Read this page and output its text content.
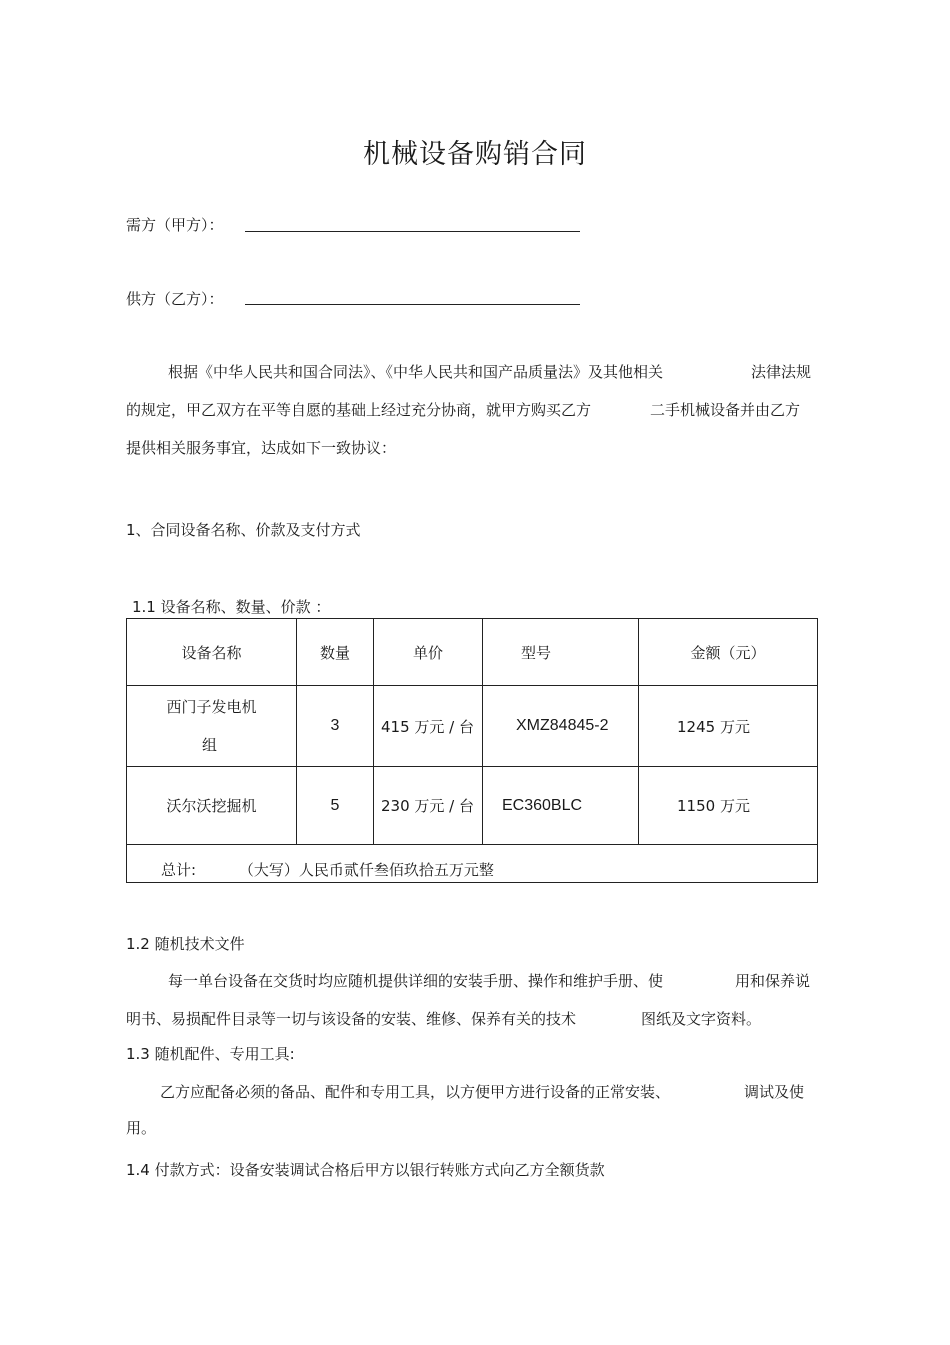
机械设备购销合同
需方（甲方）：
供方（乙方）：
根据《中华人民共和国合同法》、《中华人民共和国产品质量法》及其他相关	法律法规
的规定，甲乙双方在平等自愿的基础上经过充分协商，就甲方购买乙方	二手机械设备并由乙方
提供相关服务事宜，达成如下一致协议：
1、合同设备名称、价款及支付方式
1.1 设备名称、数量、价款 ：
设备名称	数量	单价	型号	金额（元）

西门子发电机
组	3	415 万元 / 台	XMZ84845-2	1245 万元
沃尔沃挖掘机	5	230 万元 / 台	EC360BLC	1150 万元
总计: （大写）人民币贰仟叁佰玖拾五万元整				
1.2 随机技术文件
每一单台设备在交货时均应随机提供详细的安装手册、操作和维护手册、使	用和保养说
明书、易损配件目录等一切与该设备的安装、维修、保养有关的技术	图纸及文字资料。
1.3 随机配件、专用工具:
乙方应配备必须的备品、配件和专用工具，以方便甲方进行设备的正常安装、	调试及使
用。
1.4 付款方式：设备安装调试合格后甲方以银行转账方式向乙方全额货款
